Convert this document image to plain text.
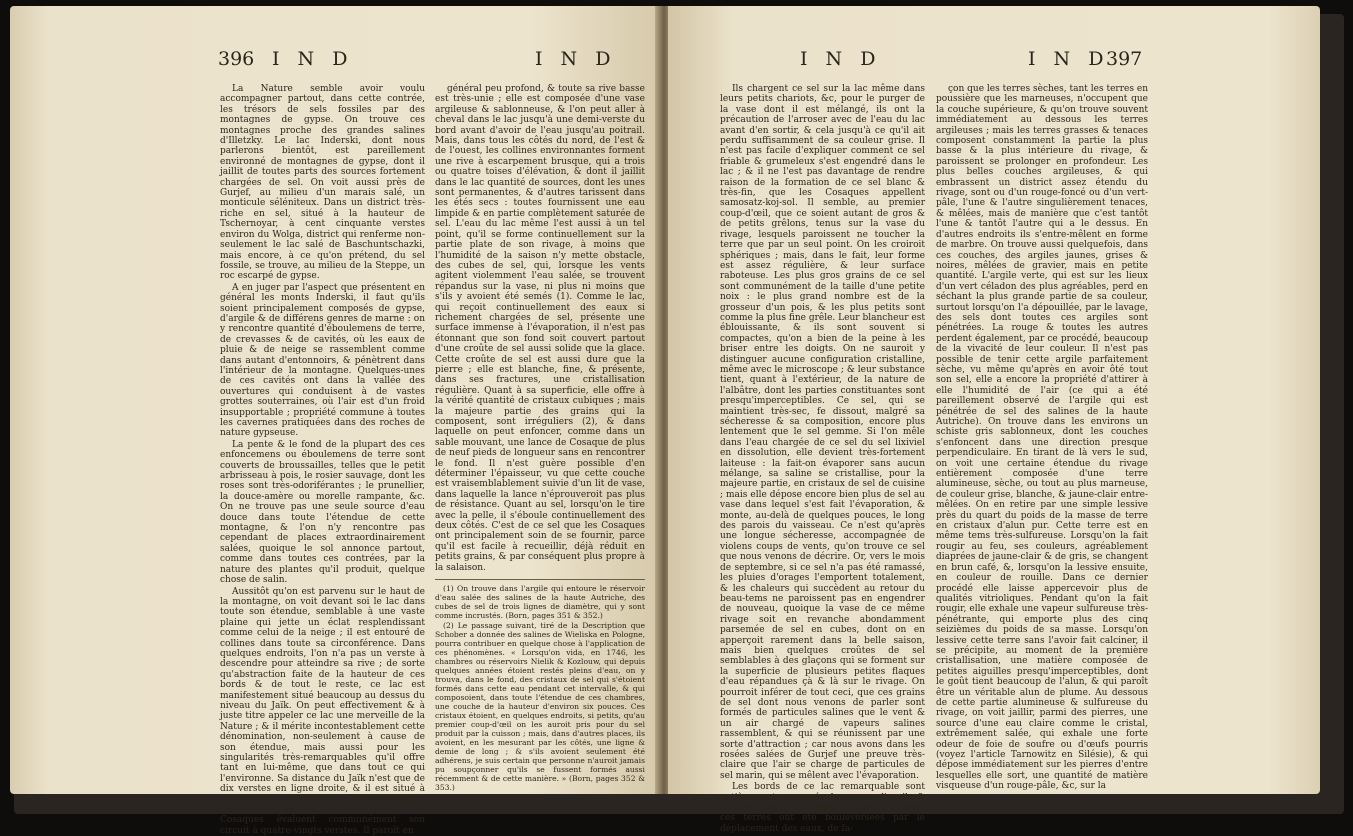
396 I N D	I N D

La Nature semble avoir voulu accompagner partout, dans cette contrée, les trésors de sels fossiles par des montagnes de gypse. On trouve ces montagnes proche des grandes salines d'Illetzky. Le lac Inderski, dont nous parlerons bientôt, est pareillement environné de montagnes de gypse, dont il jaillit de toutes parts des sources fortement chargées de sel. On voit aussi près de Gurjef, au milieu d'un marais salé, un monticule séléniteux. Dans un district très-riche en sel, situé à la hauteur de Tschernoyar, à cent cinquante verstes environ du Wolga, district qui renferme non-seulement le lac salé de Baschuntschazki, mais encore, à ce qu'on prétend, du sel fossile, se trouve, au milieu de la Steppe, un roc escarpé de gypse.

A en juger par l'aspect que présentent en général les monts Inderski, il faut qu'ils soient principalement composés de gypse, d'argile & de différens genres de marne : on y rencontre quantité d'éboulemens de terre, de crevasses & de cavités, où les eaux de pluie & de neige se rassemblent comme dans autant d'entonnoirs, & pénètrent dans l'intérieur de la montagne. Quelques-unes de ces cavités ont dans la vallée des ouvertures qui conduisent à de vastes grottes souterraines, où l'air est d'un froid insupportable ; propriété commune à toutes les cavernes pratiquées dans des roches de nature gypseuse.

La pente & le fond de la plupart des ces enfoncemens ou éboulemens de terre sont couverts de broussailles, telles que le petit arbrisseau à pois, le rosier sauvage, dont les roses sont très-odoriférantes ; le prunellier, la douce-amère ou morelle rampante, &c. On ne trouve pas une seule source d'eau douce dans toute l'étendue de cette montagne, & l'on n'y rencontre pas cependant de places extraordinairement salées, quoique le sol annonce partout, comme dans toutes ces contrées, par la nature des plantes qu'il produit, quelque chose de salin.

Aussitôt qu'on est parvenu sur le haut de la montagne, on voit devant soi le lac dans toute son étendue, semblable à une vaste plaine qui jette un éclat resplendissant comme celui de la neige ; il est entouré de collines dans toute sa circonférence. Dans quelques endroits, l'on n'a pas un verste à descendre pour atteindre sa rive ; de sorte qu'abstraction faite de la hauteur de ces bords & de tout le reste, ce lac est manifestement situé beaucoup au dessus du niveau du Jaïk. On peut effectivement & à juste titre appeler ce lac une merveille de la Nature ; & il mérite incontestablement cette dénomination, non-seulement à cause de son étendue, mais aussi pour les singularités très-remarquables qu'il offre tant en lui-même, que dans tout ce qui l'environne. Sa distance du Jaïk n'est que de dix verstes en ligne droite, & il est situé à trois cents verstes de Jaïzkoi-Gorodok, directement au sud de cette place. Les Cosaques évaluent communément son circuit à quatre-vingts verstes. Il paroît en

général peu profond, & toute sa rive basse est très-unie ; elle est composée d'une vase argileuse & sablonneuse, & l'on peut aller à cheval dans le lac jusqu'à une demi-verste du bord avant d'avoir de l'eau jusqu'au poitrail. Mais, dans tous les côtés du nord, de l'est & de l'ouest, les collines environnantes forment une rive à escarpement brusque, qui a trois ou quatre toises d'élévation, & dont il jaillit dans le lac quantité de sources, dont les unes sont permanentes, & d'autres tarissent dans les étés secs : toutes fournissent une eau limpide & en partie complètement saturée de sel. L'eau du lac même l'est aussi à un tel point, qu'il se forme continuellement sur la partie plate de son rivage, à moins que l'humidité de la saison n'y mette obstacle, des cubes de sel, qui, lorsque les vents agitent violemment l'eau salée, se trouvent répandus sur la vase, ni plus ni moins que s'ils y avoient été semés (1). Comme le lac, qui reçoit continuellement des eaux si richement chargées de sel, présente une surface immense à l'évaporation, il n'est pas étonnant que son fond soit couvert partout d'une croûte de sel aussi solide que la glace. Cette croûte de sel est aussi dure que la pierre ; elle est blanche, fine, & présente, dans ses fractures, une cristallisation régulière. Quant à sa superficie, elle offre à la vérité quantité de cristaux cubiques ; mais la majeure partie des grains qui la composent, sont irréguliers (2), & dans laquelle on peut enfoncer, comme dans un sable mouvant, une lance de Cosaque de plus de neuf pieds de longueur sans en rencontrer le fond. Il n'est guère possible d'en déterminer l'épaisseur, vu que cette couche est vraisemblablement suivie d'un lit de vase, dans laquelle la lance n'éprouveroit pas plus de résistance. Quant au sel, lorsqu'on le tire avec la pelle, il s'éboule continuellement des deux côtés. C'est de ce sel que les Cosaques ont principalement soin de se fournir, parce qu'il est facile à recueillir, déjà réduit en petits grains, & par conséquent plus propre à la salaison.

(1) On trouve dans l'argile qui entoure le réservoir d'eau salée des salines de la haute Autriche, des cubes de sel de trois lignes de diamètre, qui y sont comme incrustés. (Born, pages 351 & 352.)

(2) Le passage suivant, tiré de la Description que Schober a donnée des salines de Wieliska en Pologne, pourra contribuer en quelque chose à l'application de ces phénomènes. « Lorsqu'on vida, en 1746, les chambres ou réservoirs Nielik & Kozlouw, qui depuis quelques années étoient restés pleins d'eau, on y trouva, dans le fond, des cristaux de sel qui s'étoient formés dans cette eau pendant cet intervalle, & qui composoient, dans toute l'étendue de ces chambres, une couche de la hauteur d'environ six pouces. Ces cristaux étoient, en quelques endroits, si petits, qu'au premier coup-d'œil on les auroit pris pour du sel produit par la cuisson ; mais, dans d'autres places, ils avoient, en les mesurant par les côtés, une ligne & demie de long ; & s'ils avoient seulement été adhérens, je suis certain que personne n'auroit jamais pu soupçonner qu'ils se fussent formés aussi récemment & de cette manière. » (Born, pages 352 & 353.)

I N D	I N D
397

Ils chargent ce sel sur la lac même dans leurs petits chariots, &c, pour le purger de la vase dont il est mélangé, ils ont la précaution de l'arroser avec de l'eau du lac avant d'en sortir, & cela jusqu'à ce qu'il ait perdu suffisamment de sa couleur grise. Il n'est pas facile d'expliquer comment ce sel friable & grumeleux s'est engendré dans le lac ; & il ne l'est pas davantage de rendre raison de la formation de ce sel blanc & très-fin, que les Cosaques appellent samosatz-koj-sol. Il semble, au premier coup-d'œil, que ce soient autant de gros & de petits grêlons, tenus sur la vase du rivage, lesquels paroissent ne toucher la terre que par un seul point. On les croiroit sphériques ; mais, dans le fait, leur forme est assez régulière, & leur surface raboteuse. Les plus gros grains de ce sel sont communément de la taille d'une petite noix : le plus grand nombre est de la grosseur d'un pois, & les plus petits sont comme la plus fine grêle. Leur blancheur est éblouissante, & ils sont souvent si compactes, qu'on a bien de la peine à les briser entre les doigts. On ne sauroit y distinguer aucune configuration cristalline, même avec le microscope ; & leur substance tient, quant à l'extérieur, de la nature de l'albâtre, dont les parties constituantes sont presqu'imperceptibles. Ce sel, qui se maintient très-sec, fe dissout, malgré sa sécheresse & sa composition, encore plus lentement que le sel gemme. Si l'on mêle dans l'eau chargée de ce sel du sel lixiviel en dissolution, elle devient très-fortement laiteuse : la fait-on évaporer sans aucun mélange, sa saline se cristallise, pour la majeure partie, en cristaux de sel de cuisine ; mais elle dépose encore bien plus de sel au vase dans lequel s'est fait l'évaporation, & monte, au-delà de quelques pouces, le long des parois du vaisseau. Ce n'est qu'après une longue sécheresse, accompagnée de violens coups de vents, qu'on trouve ce sel que nous venons de décrire. Or, vers le mois de septembre, si ce sel n'a pas été ramassé, les pluies d'orages l'emportent totalement, & les chaleurs qui succèdent au retour du beau-tems ne paroissent pas en engendrer de nouveau, quoique la vase de ce même rivage soit en revanche abondamment parsemée de sel en cubes, dont on en apperçoit rarement dans la belle saison, mais bien quelques croûtes de sel semblables à des glaçons qui se forment sur la superficie de plusieurs petites flaques d'eau répandues çà & là sur le rivage. On pourroit inférer de tout ceci, que ces grains de sel dont nous venons de parler sont formés de particules salines que le vent & un air chargé de vapeurs salines rassemblent, & qui se réunissent par une sorte d'attraction ; car nous avons dans les rosées salées de Gurjef une preuve très-claire que l'air se charge de particules de sel marin, qui se mêlent avec l'évaporation.

Les bords de ce lac remarquable sont entièrement composés de marne, d'argile & d'autres terres de diverses couleurs : toutes ces terres ont été bouleversées par le déplacement des eaux, de fa-

çon que les terres sèches, tant les terres en poussière que les marneuses, n'occupent que la couche supérieure, & qu'on trouve souvent immédiatement au dessous les terres argileuses ; mais les terres grasses & tenaces composent constamment la partie la plus basse & la plus intérieure du rivage, & paroissent se prolonger en profondeur. Les plus belles couches argileuses, & qui embrassent un district assez étendu du rivage, sont ou d'un rouge-foncé ou d'un vert-pâle, l'une & l'autre singulièrement tenaces, & mêlées, mais de manière que c'est tantôt l'une & tantôt l'autre qui a le dessus. En d'autres endroits ils s'entre-mêlent en forme de marbre. On trouve aussi quelquefois, dans ces couches, des argiles jaunes, grises & noires, mêlées de gravier, mais en petite quantité. L'argile verte, qui est sur les lieux d'un vert céladon des plus agréables, perd en séchant la plus grande partie de sa couleur, surtout lorsqu'on l'a dépouillée, par le lavage, des sels dont toutes ces argiles sont pénétrées. La rouge & toutes les autres perdent également, par ce procédé, beaucoup de la vivacité de leur couleur. Il n'est pas possible de tenir cette argile parfaitement sèche, vu même qu'après en avoir ôté tout son sel, elle a encore la propriété d'attirer à elle l'humidité de l'air (ce qui a été pareillement observé de l'argile qui est pénétrée de sel des salines de la haute Autriche). On trouve dans les environs un schiste gris sablonneux, dont les couches s'enfoncent dans une direction presque perpendiculaire. En tirant de là vers le sud, on voit une certaine étendue du rivage entièrement composée d'une terre alumineuse, sèche, ou tout au plus marneuse, de couleur grise, blanche, & jaune-clair entre-mêlées. On en retire par une simple lessive près du quart du poids de la masse de terre en cristaux d'alun pur. Cette terre est en même tems très-sulfureuse. Lorsqu'on la fait rougir au feu, ses couleurs, agréablement diaprées de jaune-clair & de gris, se changent en brun café, &, lorsqu'on la lessive ensuite, en couleur de rouille. Dans ce dernier procédé elle laisse appercevoir plus de qualités vitrioliques. Pendant qu'on la fait rougir, elle exhale une vapeur sulfureuse très-pénétrante, qui emporte plus des cinq seizièmes du poids de sa masse. Lorsqu'on lessive cette terre sans l'avoir fait calciner, il se précipite, au moment de la première cristallisation, une matière composée de petites aiguilles presqu'imperceptibles, dont le goût tient beaucoup de l'alun, & qui paroît être un véritable alun de plume. Au dessous de cette partie alumineuse & sulfureuse du rivage, on voit jaillir, parmi des pierres, une source d'une eau claire comme le cristal, extrêmement salée, qui exhale une forte odeur de foie de soufre ou d'œufs pourris (voyez l'article Tarnowitz en Silésie), & qui dépose immédiatement sur les pierres d'entre lesquelles elle sort, une quantité de matière visqueuse d'un rouge-pâle, &c, sur la
